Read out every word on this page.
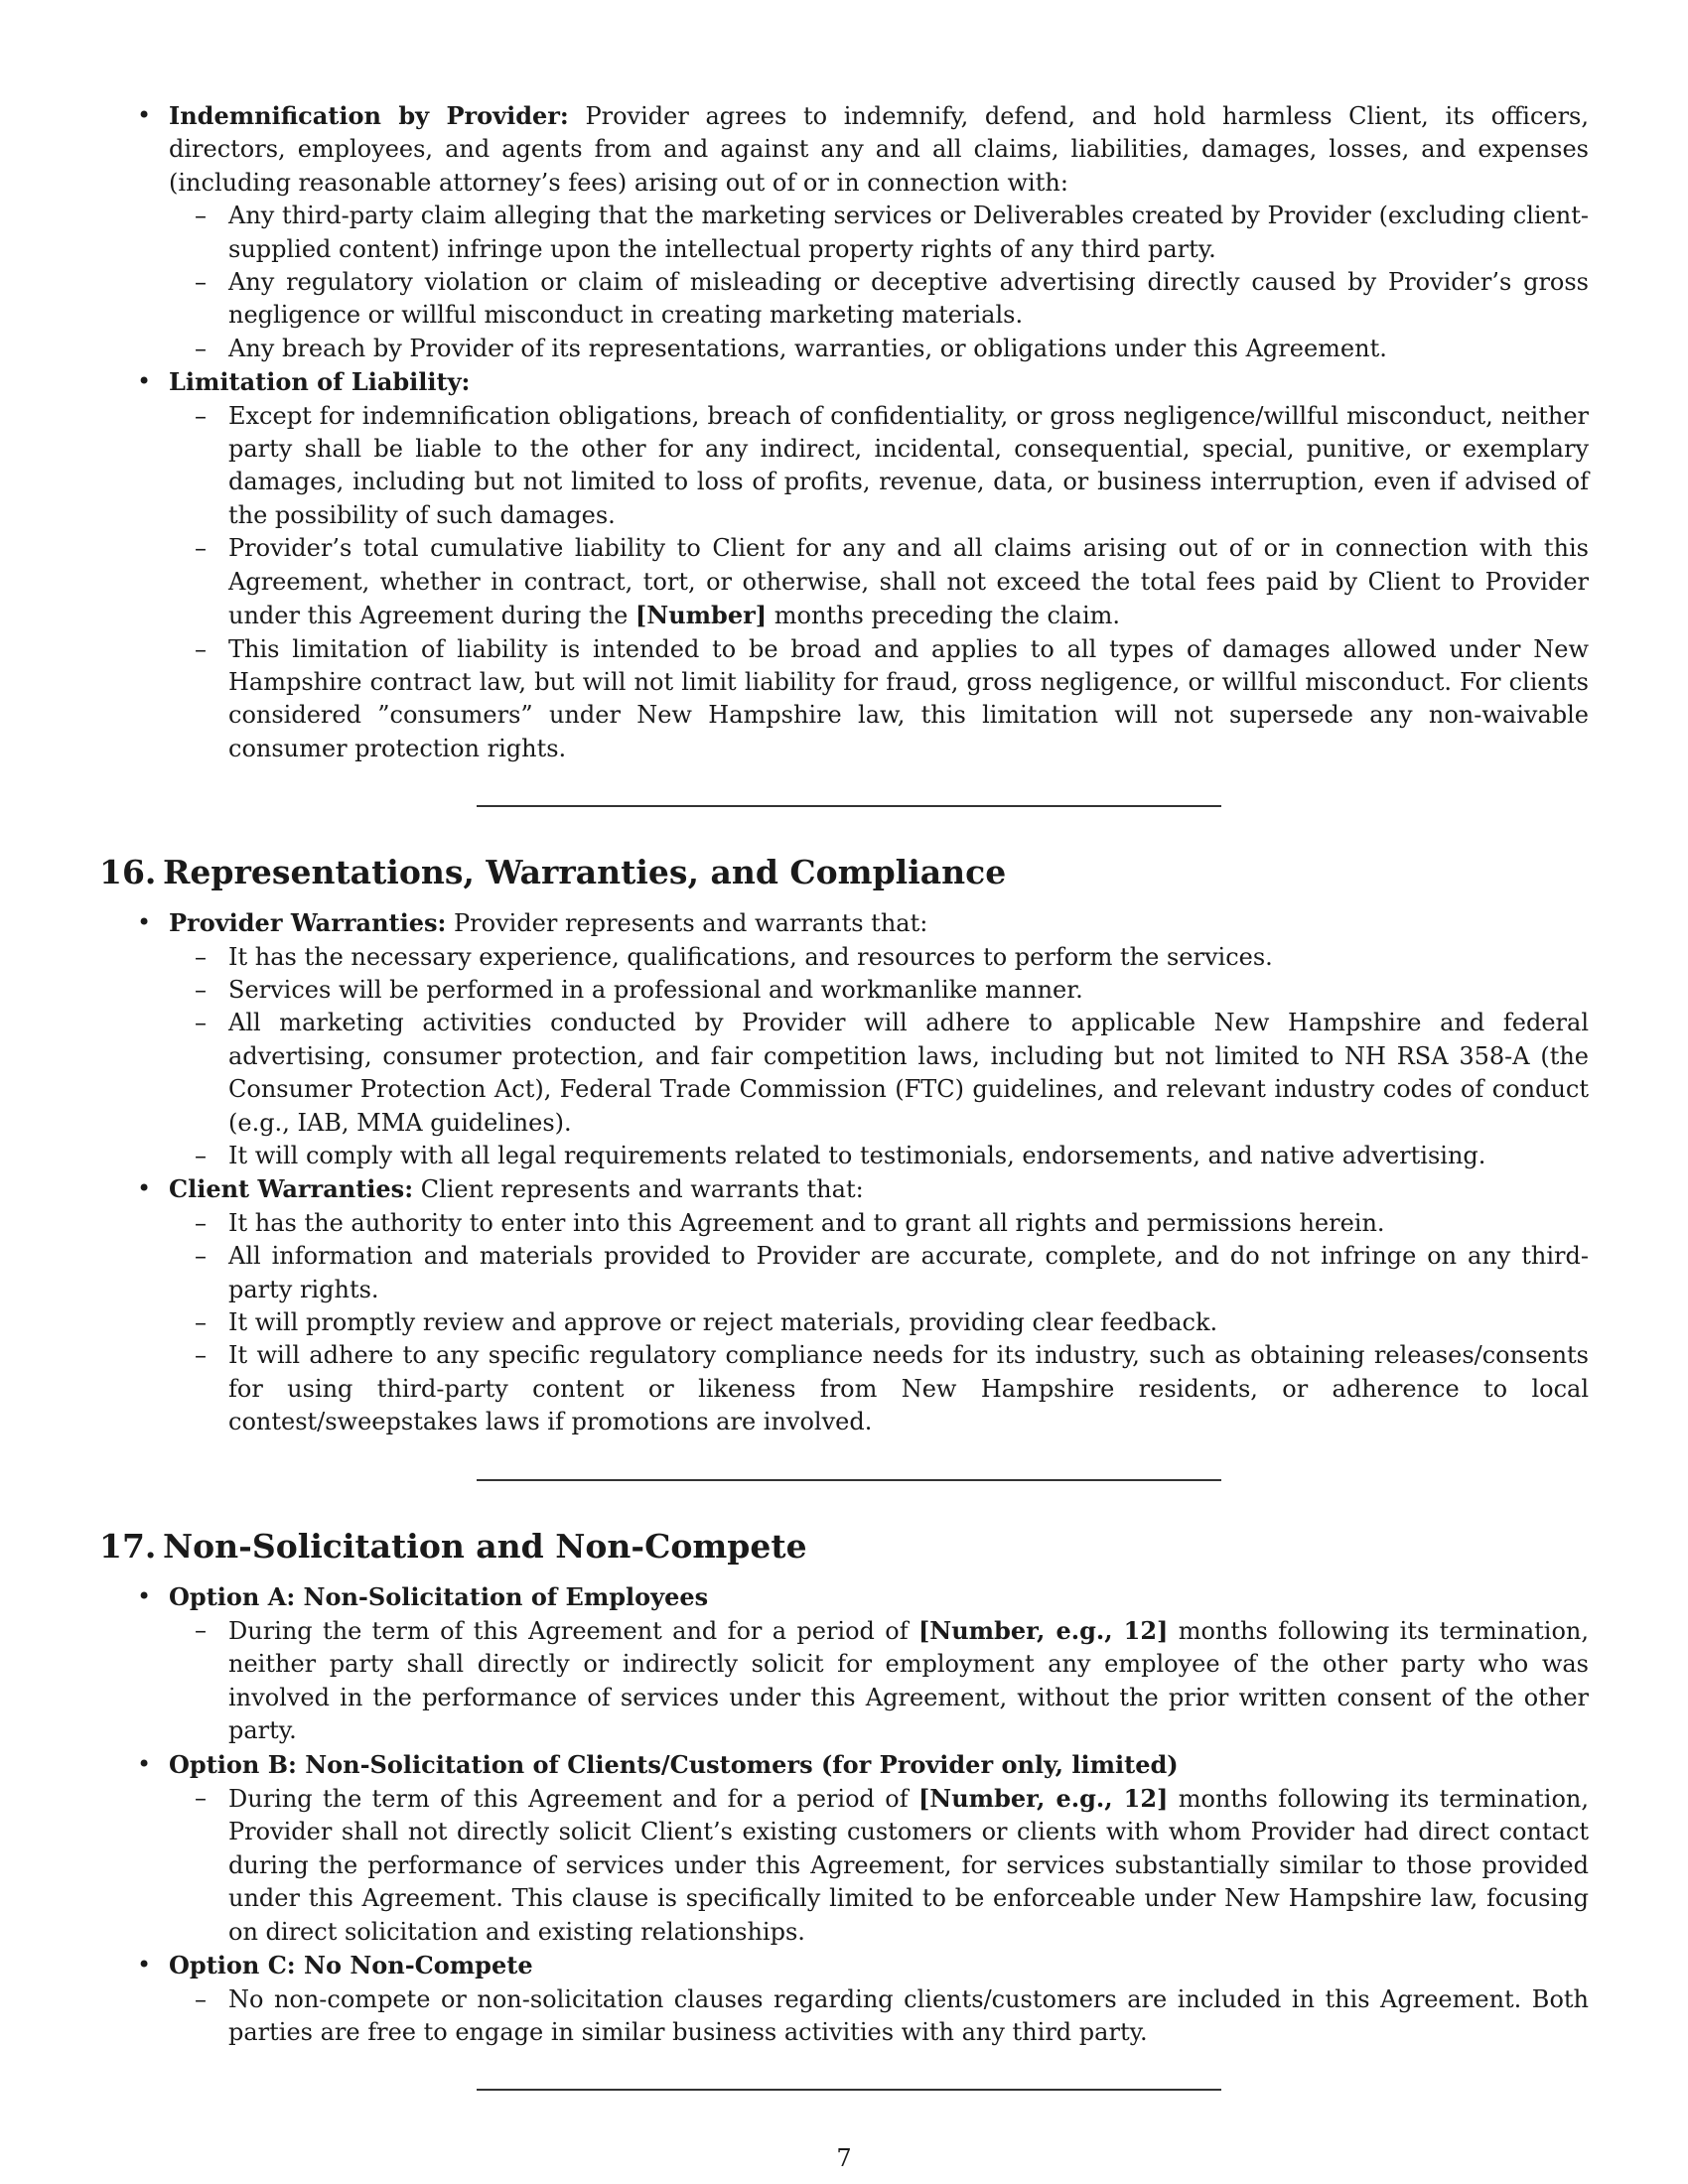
• Indemnification by Provider: Provider agrees to indemnify, defend, and hold harmless Client, its officers, directors, employees, and agents from and against any and all claims, liabilities, damages, losses, and expenses (including reasonable attorney’s fees) arising out of or in connection with:
– Any third-party claim alleging that the marketing services or Deliverables created by Provider (excluding client-supplied content) infringe upon the intellectual property rights of any third party.
– Any regulatory violation or claim of misleading or deceptive advertising directly caused by Provider’s gross negligence or willful misconduct in creating marketing materials.
– Any breach by Provider of its representations, warranties, or obligations under this Agreement.
• Limitation of Liability:
– Except for indemnification obligations, breach of confidentiality, or gross negligence/willful misconduct, neither party shall be liable to the other for any indirect, incidental, consequential, special, punitive, or exemplary damages, including but not limited to loss of profits, revenue, data, or business interruption, even if advised of the possibility of such damages.
– Provider’s total cumulative liability to Client for any and all claims arising out of or in connection with this Agreement, whether in contract, tort, or otherwise, shall not exceed the total fees paid by Client to Provider under this Agreement during the [Number] months preceding the claim.
– This limitation of liability is intended to be broad and applies to all types of damages allowed under New Hampshire contract law, but will not limit liability for fraud, gross negligence, or willful misconduct. For clients considered ”consumers” under New Hampshire law, this limitation will not supersede any non-waivable consumer protection rights.
16. Representations, Warranties, and Compliance
• Provider Warranties: Provider represents and warrants that:
– It has the necessary experience, qualifications, and resources to perform the services.
– Services will be performed in a professional and workmanlike manner.
– All marketing activities conducted by Provider will adhere to applicable New Hampshire and federal advertising, consumer protection, and fair competition laws, including but not limited to NH RSA 358-A (the Consumer Protection Act), Federal Trade Commission (FTC) guidelines, and relevant industry codes of conduct (e.g., IAB, MMA guidelines).
– It will comply with all legal requirements related to testimonials, endorsements, and native advertising.
• Client Warranties: Client represents and warrants that:
– It has the authority to enter into this Agreement and to grant all rights and permissions herein.
– All information and materials provided to Provider are accurate, complete, and do not infringe on any third-party rights.
– It will promptly review and approve or reject materials, providing clear feedback.
– It will adhere to any specific regulatory compliance needs for its industry, such as obtaining releases/consents for using third-party content or likeness from New Hampshire residents, or adherence to local contest/sweepstakes laws if promotions are involved.
17. Non-Solicitation and Non-Compete
• Option A: Non-Solicitation of Employees
– During the term of this Agreement and for a period of [Number, e.g., 12] months following its termination, neither party shall directly or indirectly solicit for employment any employee of the other party who was involved in the performance of services under this Agreement, without the prior written consent of the other party.
• Option B: Non-Solicitation of Clients/Customers (for Provider only, limited)
– During the term of this Agreement and for a period of [Number, e.g., 12] months following its termination, Provider shall not directly solicit Client’s existing customers or clients with whom Provider had direct contact during the performance of services under this Agreement, for services substantially similar to those provided under this Agreement. This clause is specifically limited to be enforceable under New Hampshire law, focusing on direct solicitation and existing relationships.
• Option C: No Non-Compete
– No non-compete or non-solicitation clauses regarding clients/customers are included in this Agreement. Both parties are free to engage in similar business activities with any third party.
7
